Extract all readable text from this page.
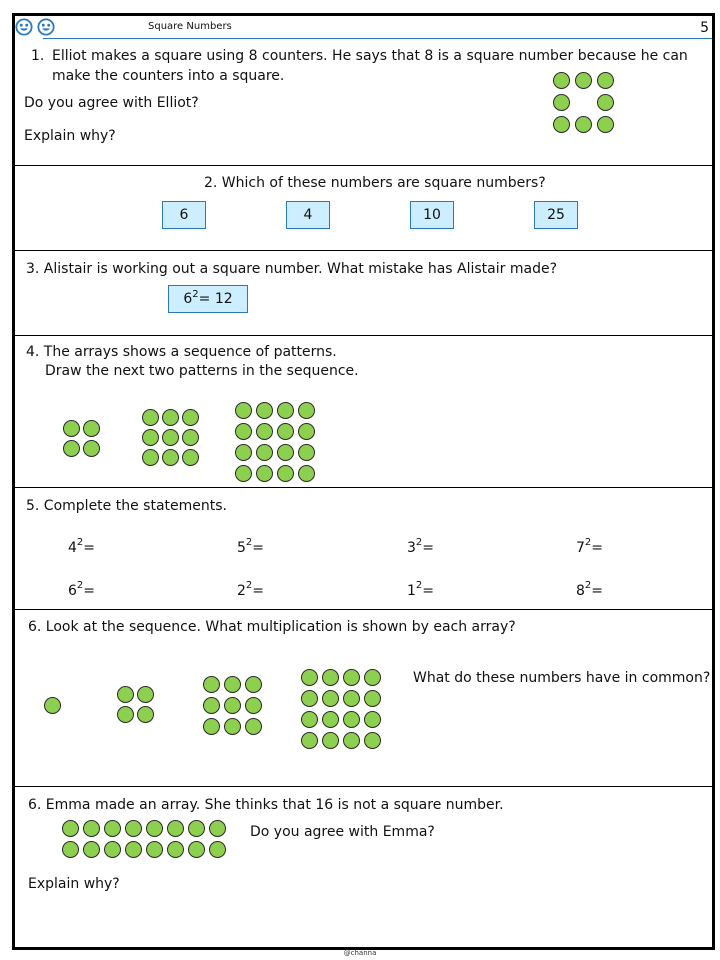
Square Numbers	5
1. Elliot makes a square using 8 counters. He says that 8 is a square number because he can
make the counters into a square.
Do you agree with Elliot?
Explain why?
2. Which of these numbers are square numbers?
6	4	10	25
3. Alistair is working out a square number. What mistake has Alistair made?
$6^2 = 12$
4. The arrays shows a sequence of patterns.
Draw the next two patterns in the sequence.
5. Complete the statements.
$4^2=$	$5^2=$	$3^2=$	$7^2=$
$6^2=$	$2^2=$	$1^2=$	$8^2=$
6. Look at the sequence. What multiplication is shown by each array?
What do these numbers have in common?
6. Emma made an array. She thinks that 16 is not a square number.
Do you agree with Emma?
Explain why?
@channa
